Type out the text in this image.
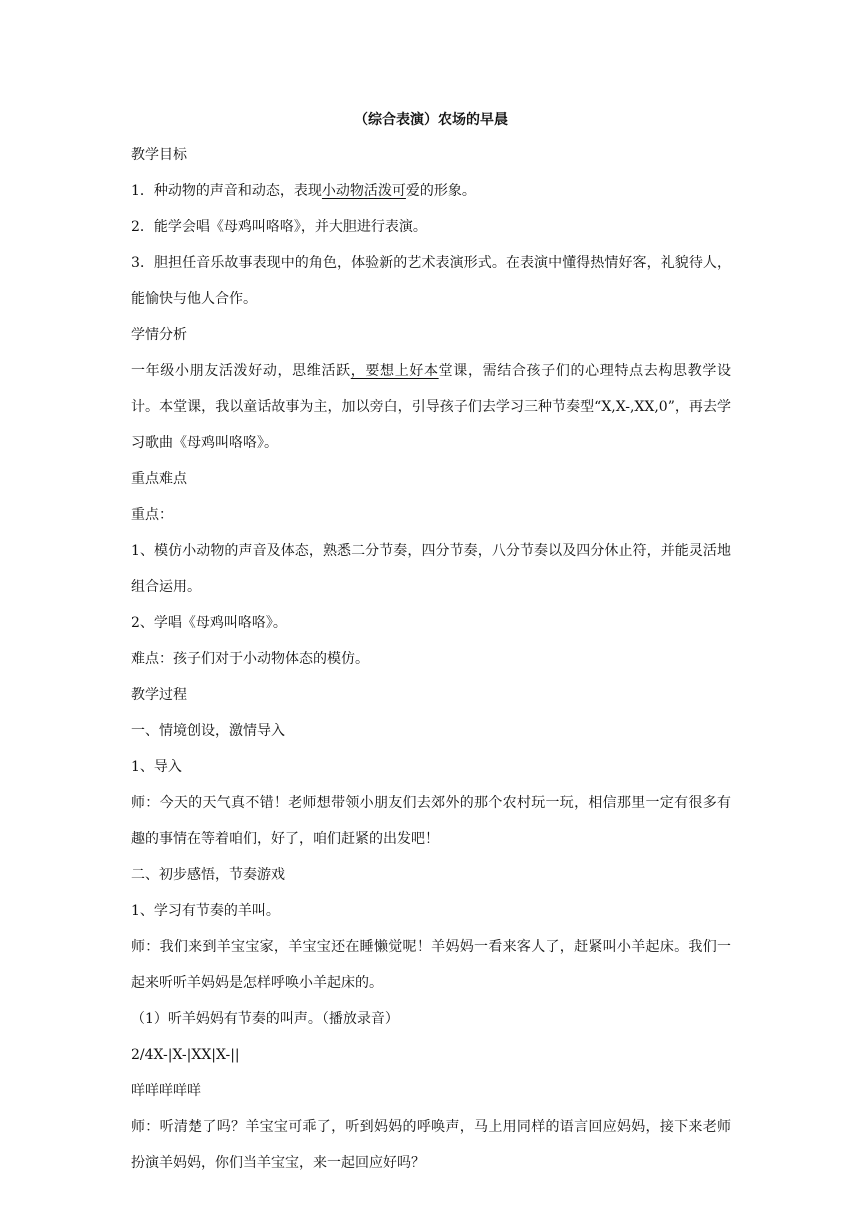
（综合表演）农场的早晨
教学目标
1．种动物的声音和动态，表现小动物活泼可爱的形象。
2．能学会唱《母鸡叫咯咯》，并大胆进行表演。
3．胆担任音乐故事表现中的角色，体验新的艺术表演形式。在表演中懂得热情好客，礼貌待人，能愉快与他人合作。
学情分析
一年级小朋友活泼好动，思维活跃，要想上好本堂课，需结合孩子们的心理特点去构思教学设计。本堂课，我以童话故事为主，加以旁白，引导孩子们去学习三种节奏型“X,X-,XX,0”，再去学习歌曲《母鸡叫咯咯》。
重点难点
重点：
1、模仿小动物的声音及体态，熟悉二分节奏，四分节奏，八分节奏以及四分休止符，并能灵活地组合运用。
2、学唱《母鸡叫咯咯》。
难点：孩子们对于小动物体态的模仿。
教学过程
一、情境创设，激情导入
1、导入
师：今天的天气真不错！老师想带领小朋友们去郊外的那个农村玩一玩，相信那里一定有很多有趣的事情在等着咱们，好了，咱们赶紧的出发吧！
二、初步感悟，节奏游戏
1、学习有节奏的羊叫。
师：我们来到羊宝宝家，羊宝宝还在睡懒觉呢！羊妈妈一看来客人了，赶紧叫小羊起床。我们一起来听听羊妈妈是怎样呼唤小羊起床的。
（1）听羊妈妈有节奏的叫声。（播放录音）
2/4X-|X-|XX|X-||
咩咩咩咩咩
师：听清楚了吗？羊宝宝可乖了，听到妈妈的呼唤声，马上用同样的语言回应妈妈，接下来老师扮演羊妈妈，你们当羊宝宝，来一起回应好吗？
